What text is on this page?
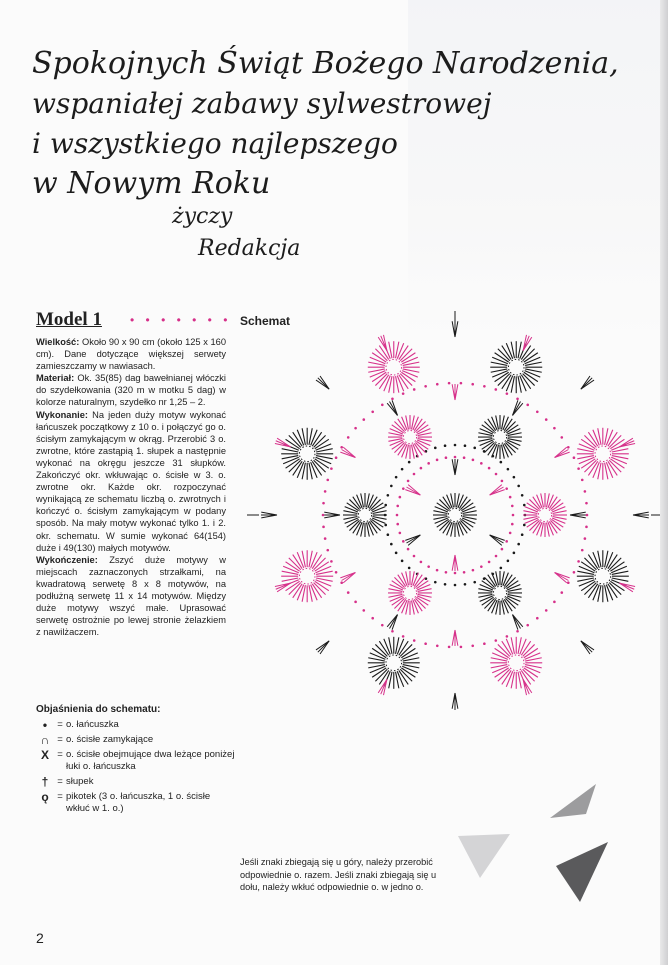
Spokojnych Świąt Bożego Narodzenia,
wspaniałej zabawy sylwestrowej
i wszystkiego najlepszego
w Nowym Roku
życzy
Redakcja
Model 1 • • • • • • • Schemat
Wielkość: Około 90 x 90 cm (około 125 x 160 cm). Dane dotyczące większej serwety zamieszczamy w nawiasach.
Materiał: Ok. 35(85) dag bawełnianej włóczki do szydełkowania (320 m w motku 5 dag) w kolorze naturalnym, szydełko nr 1,25 – 2.
Wykonanie: Na jeden duży motyw wykonać łańcuszek początkowy z 10 o. i połączyć go o. ścisłym zamykającym w okrąg. Przerobić 3 o. zwrotne, które zastąpią 1. słupek a następnie wykonać na okręgu jeszcze 31 słupków. Zakończyć okr. wkłuwając o. ścisłe w 3. o. zwrotne okr. Każde okr. rozpoczynać wynikającą ze schematu liczbą o. zwrotnych i kończyć o. ścisłym zamykającym w podany sposób. Na mały motyw wykonać tylko 1. i 2. okr. schematu. W sumie wykonać 64(154) duże i 49(130) małych motywów.
Wykończenie: Zszyć duże motywy w miejscach zaznaczonych strzałkami, na kwadratową serwetę 8 x 8 motywów, na podłużną serwetę 11 x 14 motywów. Między duże motywy wszyć małe. Uprasować serwetę ostrożnie po lewej stronie żelazkiem z nawilżaczem.
Objaśnienia do schematu:
•	= o. łańcuszka
∩ = o. ścisłe zamykające
X = o. ścisłe obejmujące dwa leżące poniżej łuki o. łańcuszka
† = słupek
ǫ = pikotek (3 o. łańcuszka, 1 o. ścisłe wkłuć w 1. o.)
Jeśli znaki zbiegają się u góry, należy przerobić odpowiednie o. razem. Jeśli znaki zbiegają się u dołu, należy wkłuć odpowiednie o. w jedno o.
2
